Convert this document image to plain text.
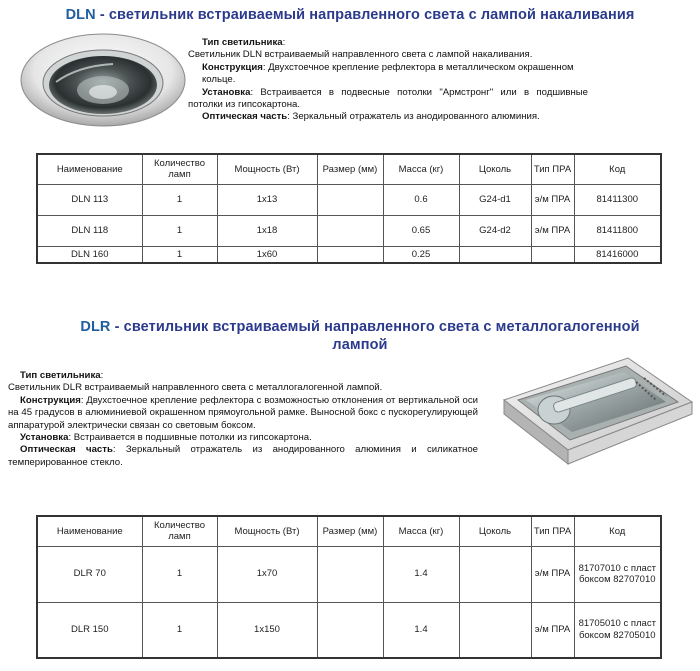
DLN - светильник встраиваемый направленного света с лампой накаливания

Тип светильника:

Светильник DLN встраиваемый направленного света с лампой накаливания.

Конструкция: Двухстоечное крепление рефлектора в металлическом окрашенном кольце.

Установка: Встраивается в подвесные потолки "Армстронг" или в подшивные потолки из гипсокартона.

Оптическая часть: Зеркальный отражатель из анодированного алюминия.

Наименование	Количество ламп	Мощность (Вт)	Размер (мм)	Масса (кг)	Цоколь	Тип ПРА	Код
DLN 113	1	1x13		0.6	G24-d1	э/м ПРА	81411300
DLN 118	1	1x18		0.65	G24-d2	э/м ПРА	81411800
DLN 160	1	1x60		0.25			81416000
DLR - светильник встраиваемый направленного света с металлогалогенной
лампой

Тип светильника:

Светильник DLR встраиваемый направленного света с металлогалогенной лампой.

Конструкция: Двухстоечное крепление рефлектора с возможностью отклонения от вертикальной оси на 45 градусов в алюминиевой окрашенном прямоугольной рамке. Выносной бокс с пускорегулирующей аппаратурой электрически связан со световым боксом.

Установка: Встраивается в подшивные потолки из гипсокартона.

Оптическая часть: Зеркальный отражатель из анодированного алюминия и силикатное темперированное стекло.

Наименование	Количество ламп	Мощность (Вт)	Размер (мм)	Масса (кг)	Цоколь	Тип ПРА	Код
DLR 70	1	1x70		1.4		э/м ПРА	81707010 с пласт боксом 82707010
DLR 150	1	1x150		1.4		э/м ПРА	81705010 с пласт боксом 82705010
